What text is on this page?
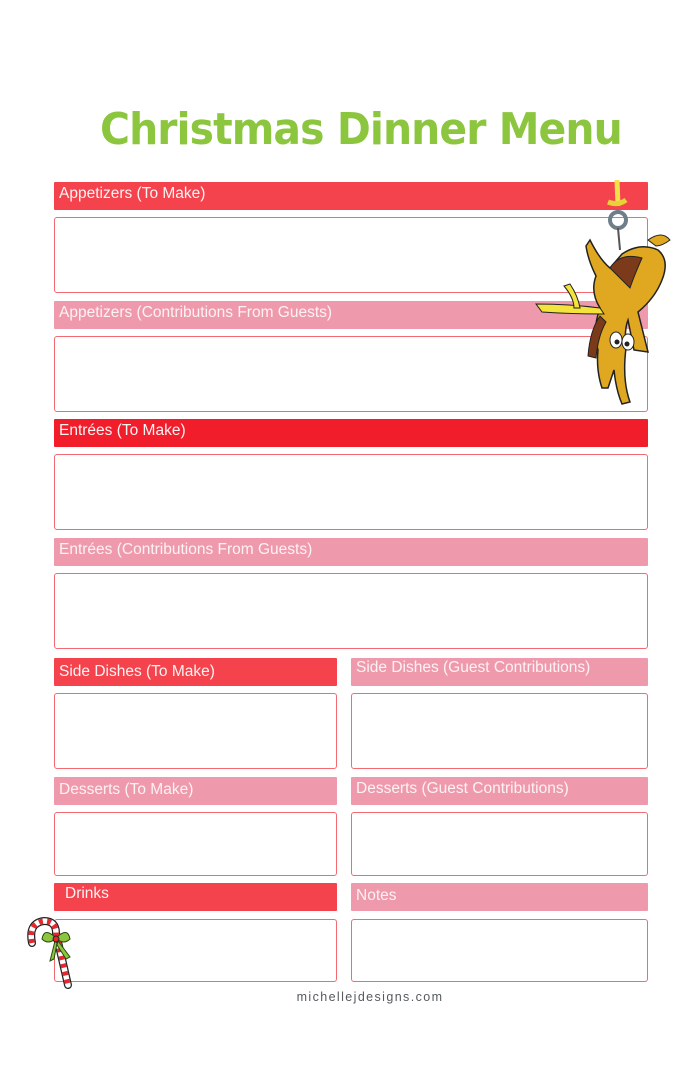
Christmas Dinner Menu
Appetizers (To Make)
Appetizers (Contributions From Guests)
Entrées (To Make)
Entrées (Contributions From Guests)
Side Dishes (To Make)	Side Dishes (Guest Contributions)
Desserts (To Make)	Desserts (Guest Contributions)
Drinks	Notes
michellejdesigns.com
